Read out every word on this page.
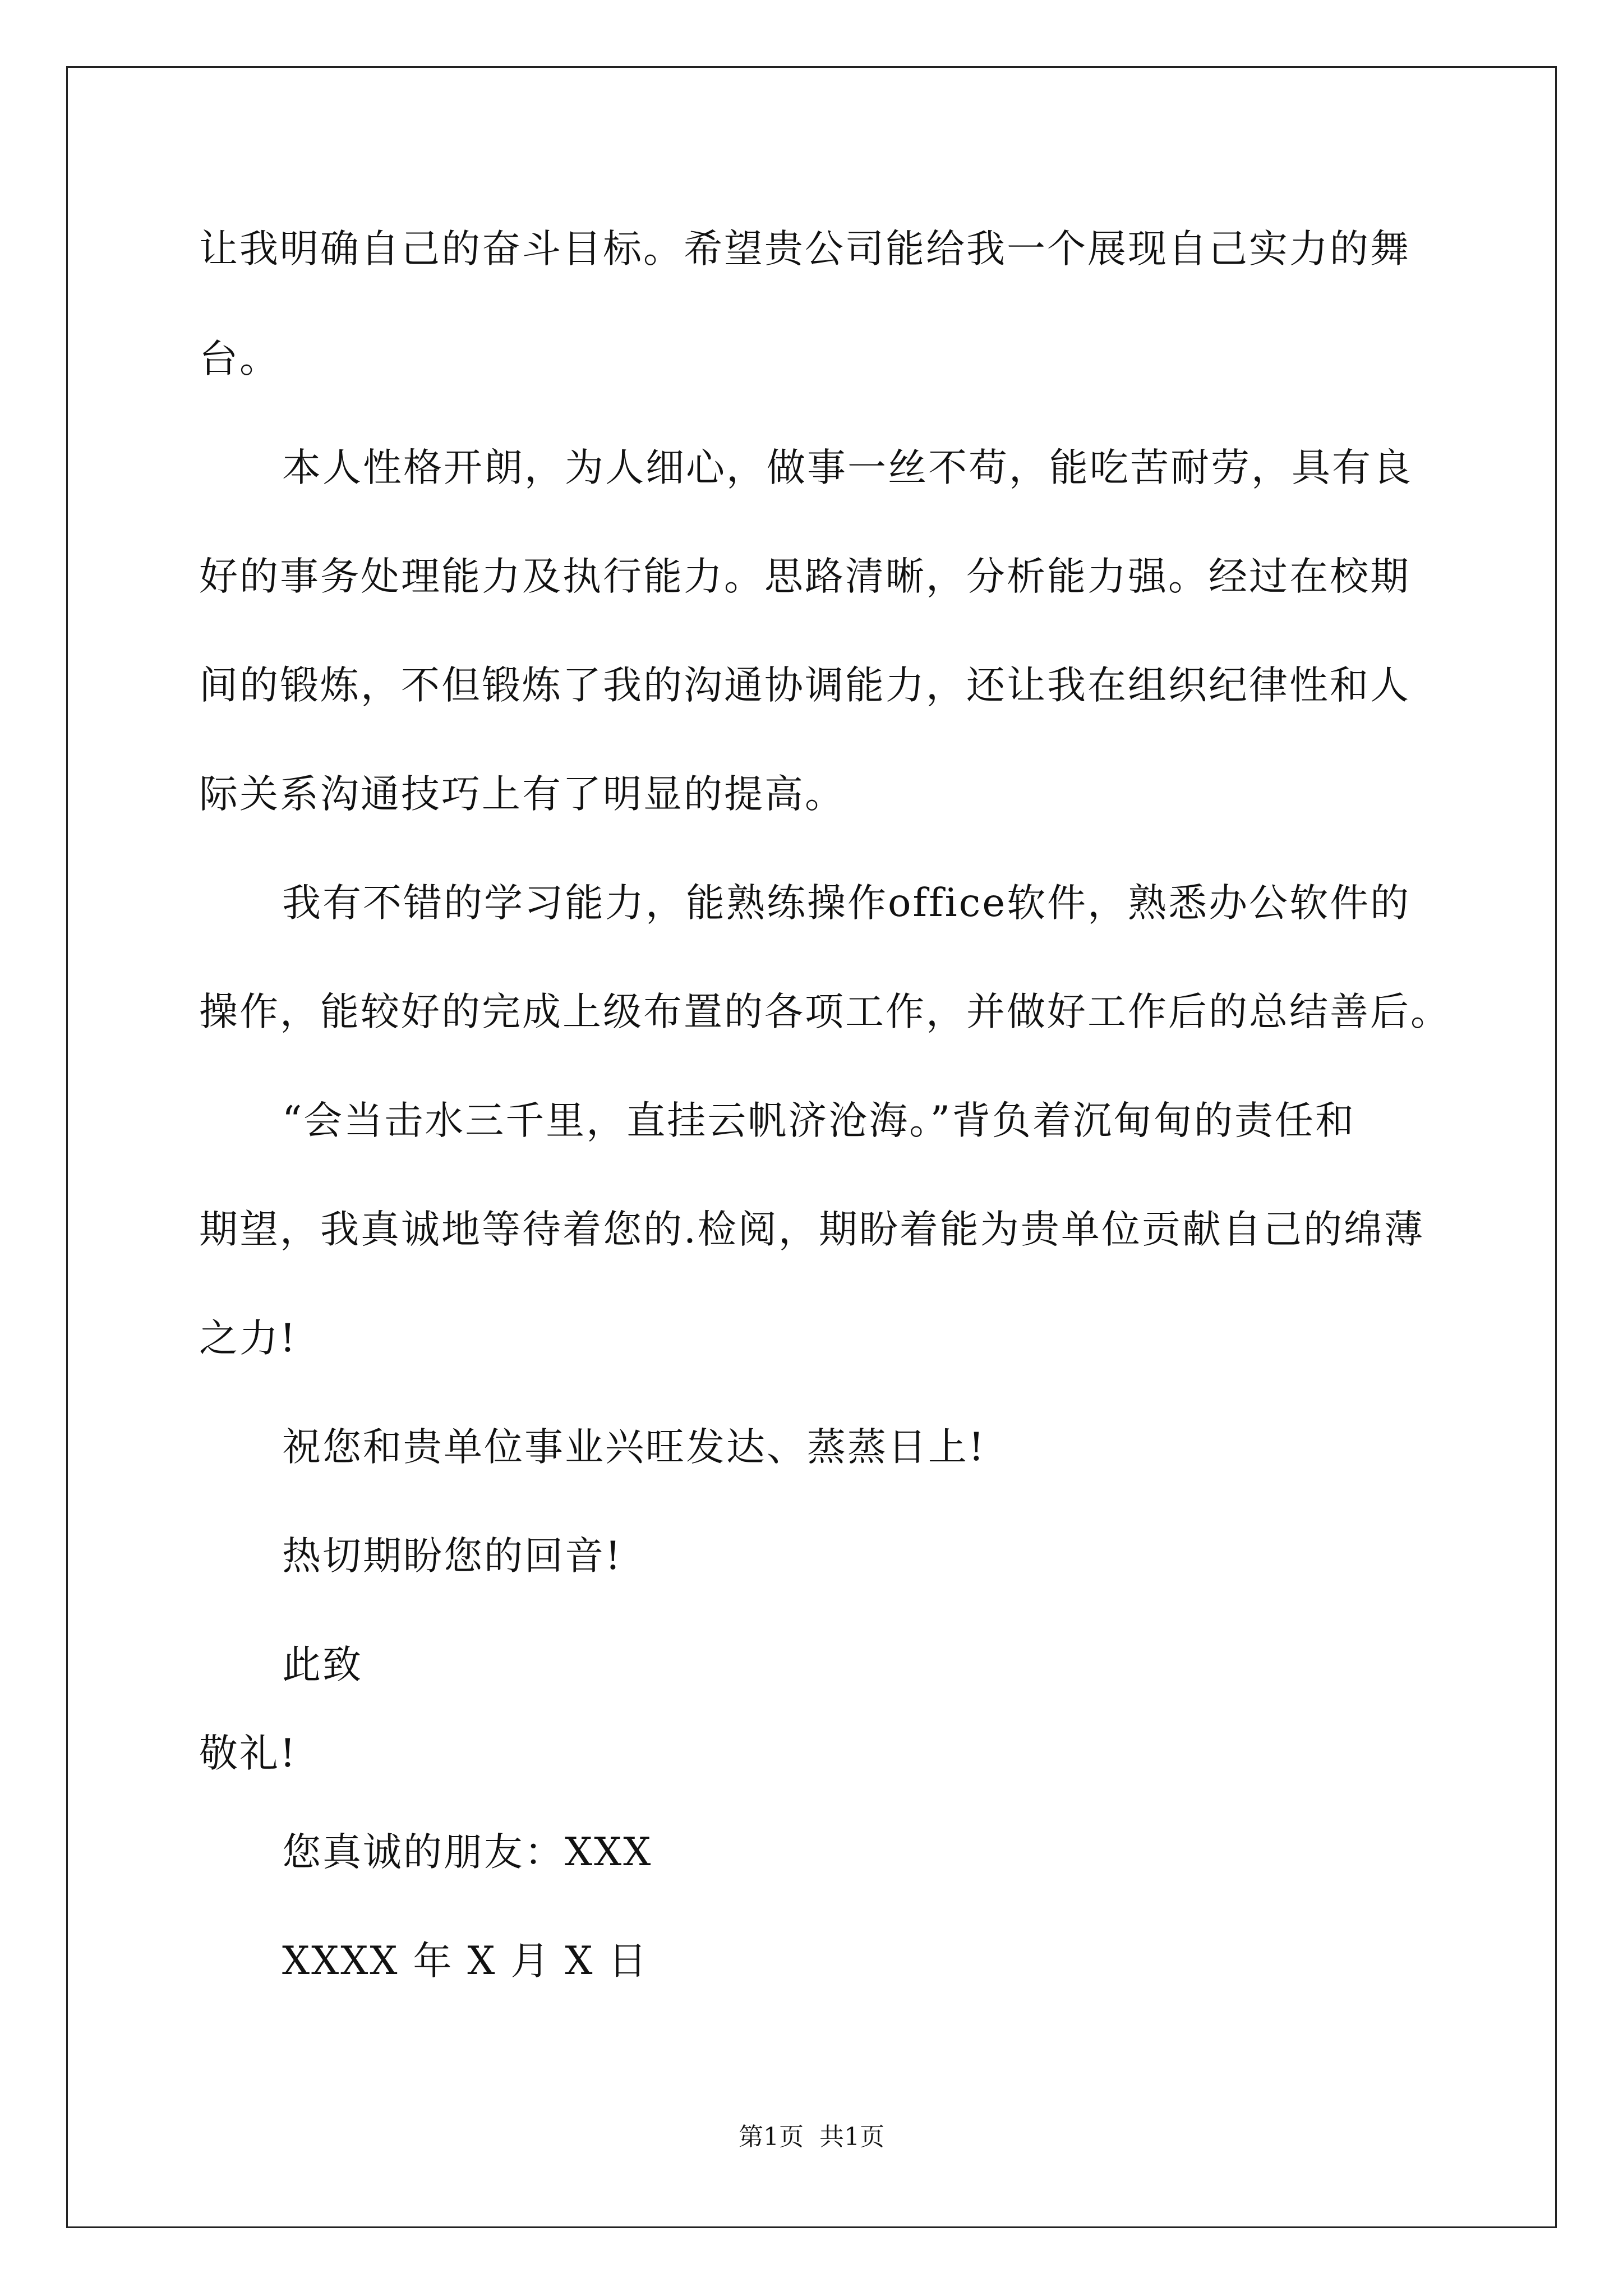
让我明确自己的奋斗目标。希望贵公司能给我一个展现自己实力的舞
台。
本人性格开朗，为人细心，做事一丝不苟，能吃苦耐劳，具有良
好的事务处理能力及执行能力。思路清晰，分析能力强。经过在校期
间的锻炼，不但锻炼了我的沟通协调能力，还让我在组织纪律性和人
际关系沟通技巧上有了明显的提高。
我有不错的学习能力，能熟练操作office软件，熟悉办公软件的
操作，能较好的完成上级布置的各项工作，并做好工作后的总结善后。
“会当击水三千里，直挂云帆济沧海。”背负着沉甸甸的责任和
期望，我真诚地等待着您的.检阅，期盼着能为贵单位贡献自己的绵薄
之力!
祝您和贵单位事业兴旺发达、蒸蒸日上!
热切期盼您的回音!
此致
敬礼!
您真诚的朋友：XXX
XXXX 年 X 月 X 日
第1页 共1页
